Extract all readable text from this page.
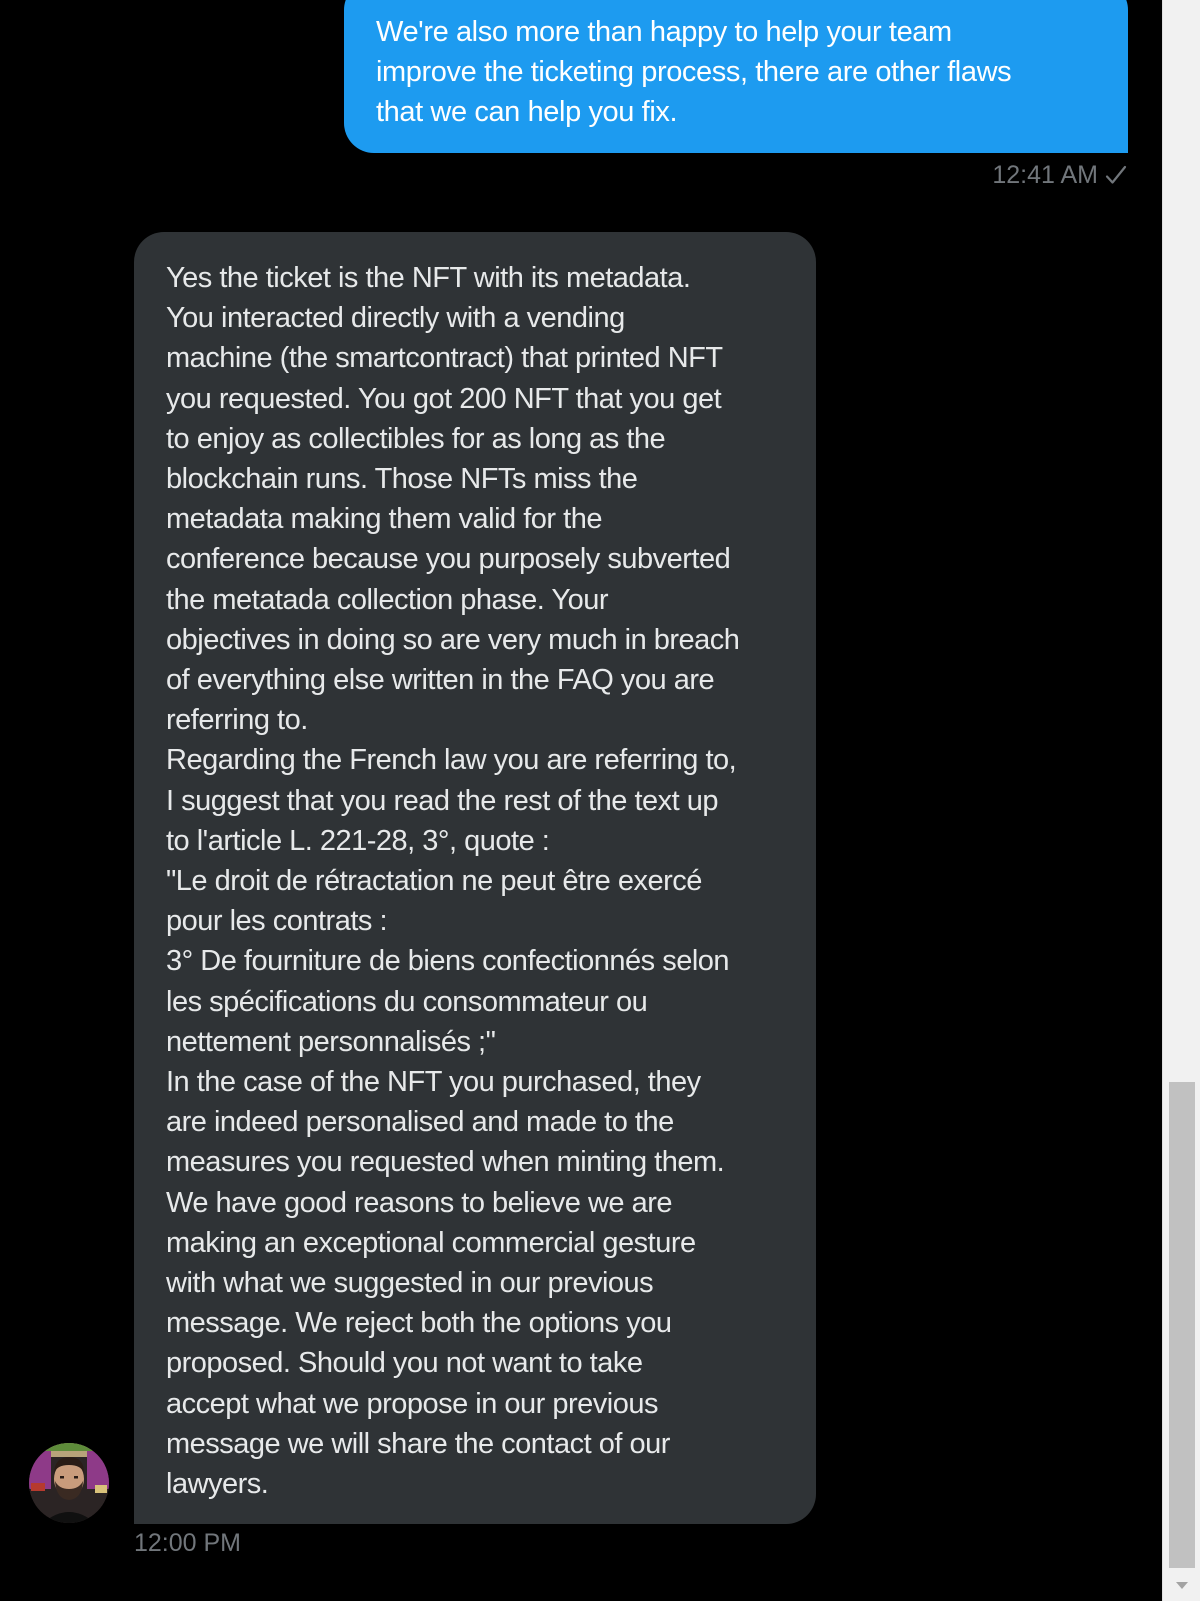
We're also more than happy to help your team
improve the ticketing process, there are other flaws
that we can help you fix.
12:41 AM
Yes the ticket is the NFT with its metadata.
You interacted directly with a vending
machine (the smartcontract) that printed NFT
you requested. You got 200 NFT that you get
to enjoy as collectibles for as long as the
blockchain runs. Those NFTs miss the
metadata making them valid for the
conference because you purposely subverted
the metatada collection phase. Your
objectives in doing so are very much in breach
of everything else written in the FAQ you are
referring to.
Regarding the French law you are referring to,
I suggest that you read the rest of the text up
to l'article L. 221-28, 3°, quote :
"Le droit de rétractation ne peut être exercé
pour les contrats :
3° De fourniture de biens confectionnés selon
les spécifications du consommateur ou
nettement personnalisés ;"
In the case of the NFT you purchased, they
are indeed personalised and made to the
measures you requested when minting them.
We have good reasons to believe we are
making an exceptional commercial gesture
with what we suggested in our previous
message. We reject both the options you
proposed. Should you not want to take
accept what we propose in our previous
message we will share the contact of our
lawyers.
12:00 PM
